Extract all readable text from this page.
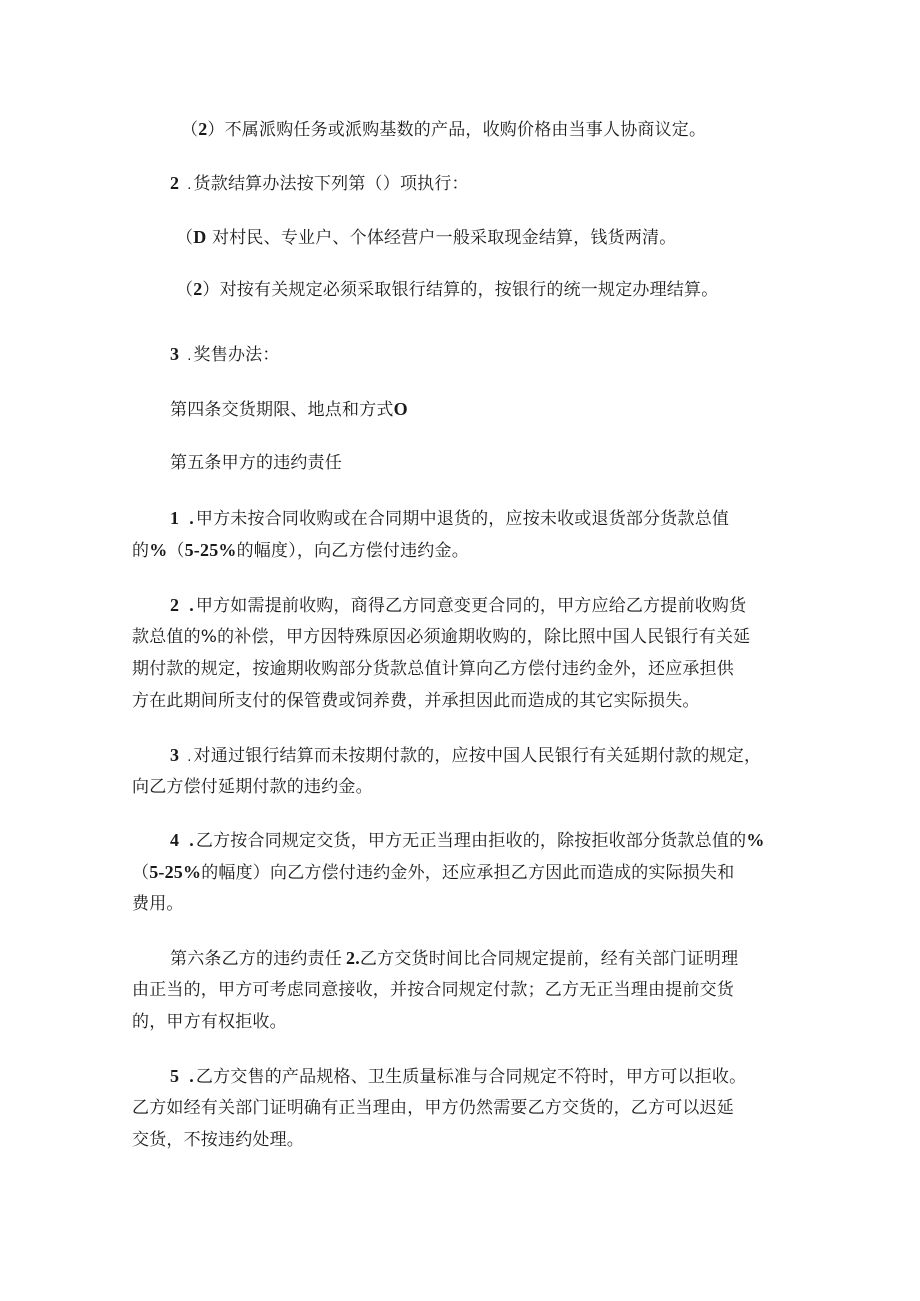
（2）不属派购任务或派购基数的产品，收购价格由当事人协商议定。
2 . 货款结算办法按下列第（）项执行：
（D 对村民、专业户、个体经营户一般采取现金结算，钱货两清。
（2）对按有关规定必须采取银行结算的，按银行的统一规定办理结算。
3 . 奖售办法：
第四条交货期限、地点和方式O
第五条甲方的违约责任
1 . 甲方未按合同收购或在合同期中退货的，应按未收或退货部分货款总值
的%（5-25%的幅度），向乙方偿付违约金。
2 . 甲方如需提前收购，商得乙方同意变更合同的，甲方应给乙方提前收购货
款总值的%的补偿，甲方因特殊原因必须逾期收购的，除比照中国人民银行有关延
期付款的规定，按逾期收购部分货款总值计算向乙方偿付违约金外，还应承担供
方在此期间所支付的保管费或饲养费，并承担因此而造成的其它实际损失。
3 . 对通过银行结算而未按期付款的，应按中国人民银行有关延期付款的规定，
向乙方偿付延期付款的违约金。
4 . 乙方按合同规定交货，甲方无正当理由拒收的，除按拒收部分货款总值的%
（5-25%的幅度）向乙方偿付违约金外，还应承担乙方因此而造成的实际损失和
费用。
第六条乙方的违约责任 2.乙方交货时间比合同规定提前，经有关部门证明理
由正当的，甲方可考虑同意接收，并按合同规定付款；乙方无正当理由提前交货
的，甲方有权拒收。
5 . 乙方交售的产品规格、卫生质量标准与合同规定不符时，甲方可以拒收。
乙方如经有关部门证明确有正当理由，甲方仍然需要乙方交货的，乙方可以迟延
交货，不按违约处理。
